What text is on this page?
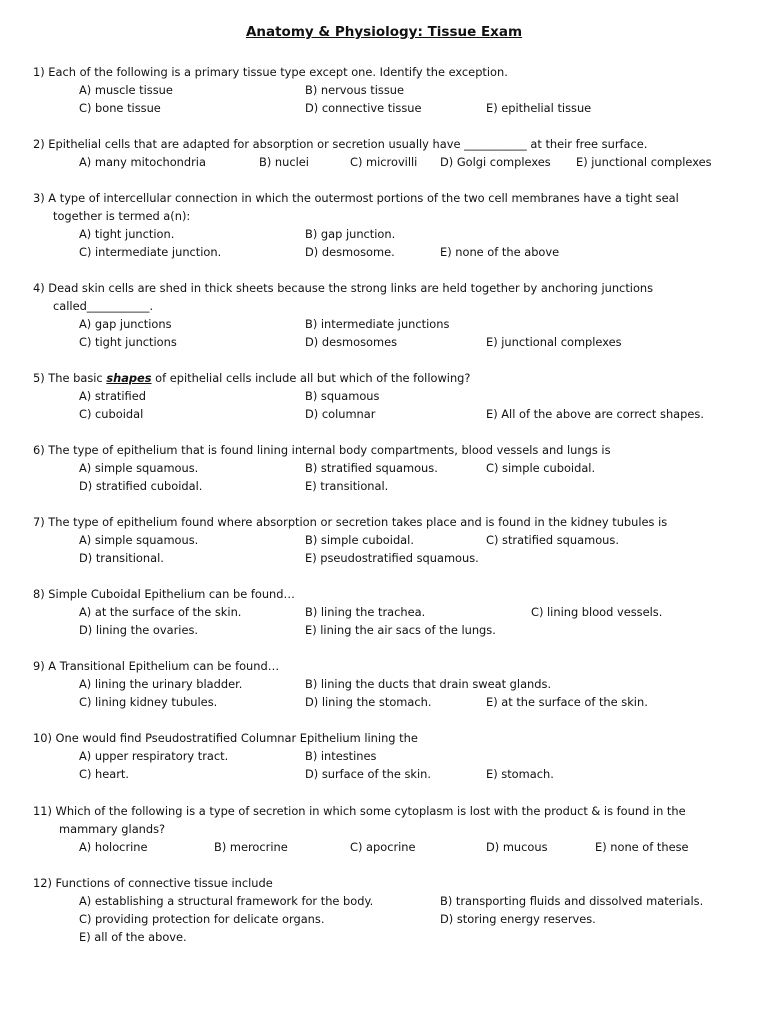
Anatomy & Physiology: Tissue Exam
1) Each of the following is a primary tissue type except one. Identify the exception.
A) muscle tissue	B) nervous tissue
C) bone tissue	D) connective tissue	E) epithelial tissue
2) Epithelial cells that are adapted for absorption or secretion usually have ___________ at their free surface.
A) many mitochondria	B) nuclei	C) microvilli D) Golgi complexes E) junctional complexes
3) A type of intercellular connection in which the outermost portions of the two cell membranes have a tight seal
together is termed a(n):
A) tight junction.	B) gap junction.
C) intermediate junction.	D) desmosome.	E) none of the above
4) Dead skin cells are shed in thick sheets because the strong links are held together by anchoring junctions
called___________.
A) gap junctions	B) intermediate junctions
C) tight junctions	D) desmosomes	E) junctional complexes
5) The basic shapes of epithelial cells include all but which of the following?
A) stratified	B) squamous
C) cuboidal	D) columnar	E) All of the above are correct shapes.
6) The type of epithelium that is found lining internal body compartments, blood vessels and lungs is
A) simple squamous.	B) stratified squamous.	C) simple cuboidal.
D) stratified cuboidal.	E) transitional.
7) The type of epithelium found where absorption or secretion takes place and is found in the kidney tubules is
A) simple squamous.	B) simple cuboidal.	C) stratified squamous.
D) transitional.	E) pseudostratified squamous.
8) Simple Cuboidal Epithelium can be found…
A) at the surface of the skin.	B) lining the trachea.	C) lining blood vessels.
D) lining the ovaries.	E) lining the air sacs of the lungs.
9) A Transitional Epithelium can be found…
A) lining the urinary bladder.	B) lining the ducts that drain sweat glands.
C) lining kidney tubules.	D) lining the stomach.	E) at the surface of the skin.
10) One would find Pseudostratified Columnar Epithelium lining the
A) upper respiratory tract.	B) intestines
C) heart.	D) surface of the skin.	E) stomach.
11) Which of the following is a type of secretion in which some cytoplasm is lost with the product & is found in the
mammary glands?
A) holocrine	B) merocrine	C) apocrine	D) mucous	E) none of these
12) Functions of connective tissue include
A) establishing a structural framework for the body.	B) transporting fluids and dissolved materials.
C) providing protection for delicate organs.	D) storing energy reserves.
E) all of the above.
